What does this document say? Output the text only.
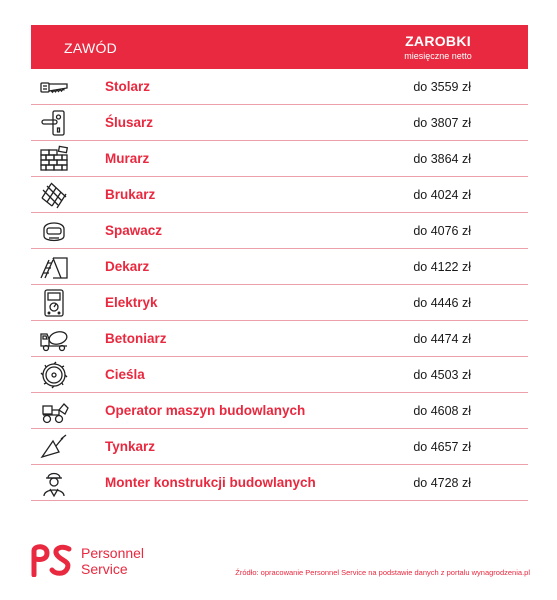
ZAWÓD	ZAROBKI
miesięczne netto
Stolarz	do 3559 zł
Ślusarz	do 3807 zł
Murarz	do 3864 zł
Brukarz	do 4024 zł
Spawacz	do 4076 zł
Dekarz	do 4122 zł
Elektryk	do 4446 zł
Betoniarz	do 4474 zł
Cieśla	do 4503 zł
Operator maszyn budowlanych	do 4608 zł
Tynkarz	do 4657 zł
Monter konstrukcji budowlanych	do 4728 zł
Personnel
Service	Źródło: opracowanie Personnel Service na podstawie danych z portalu wynagrodzenia.pl
